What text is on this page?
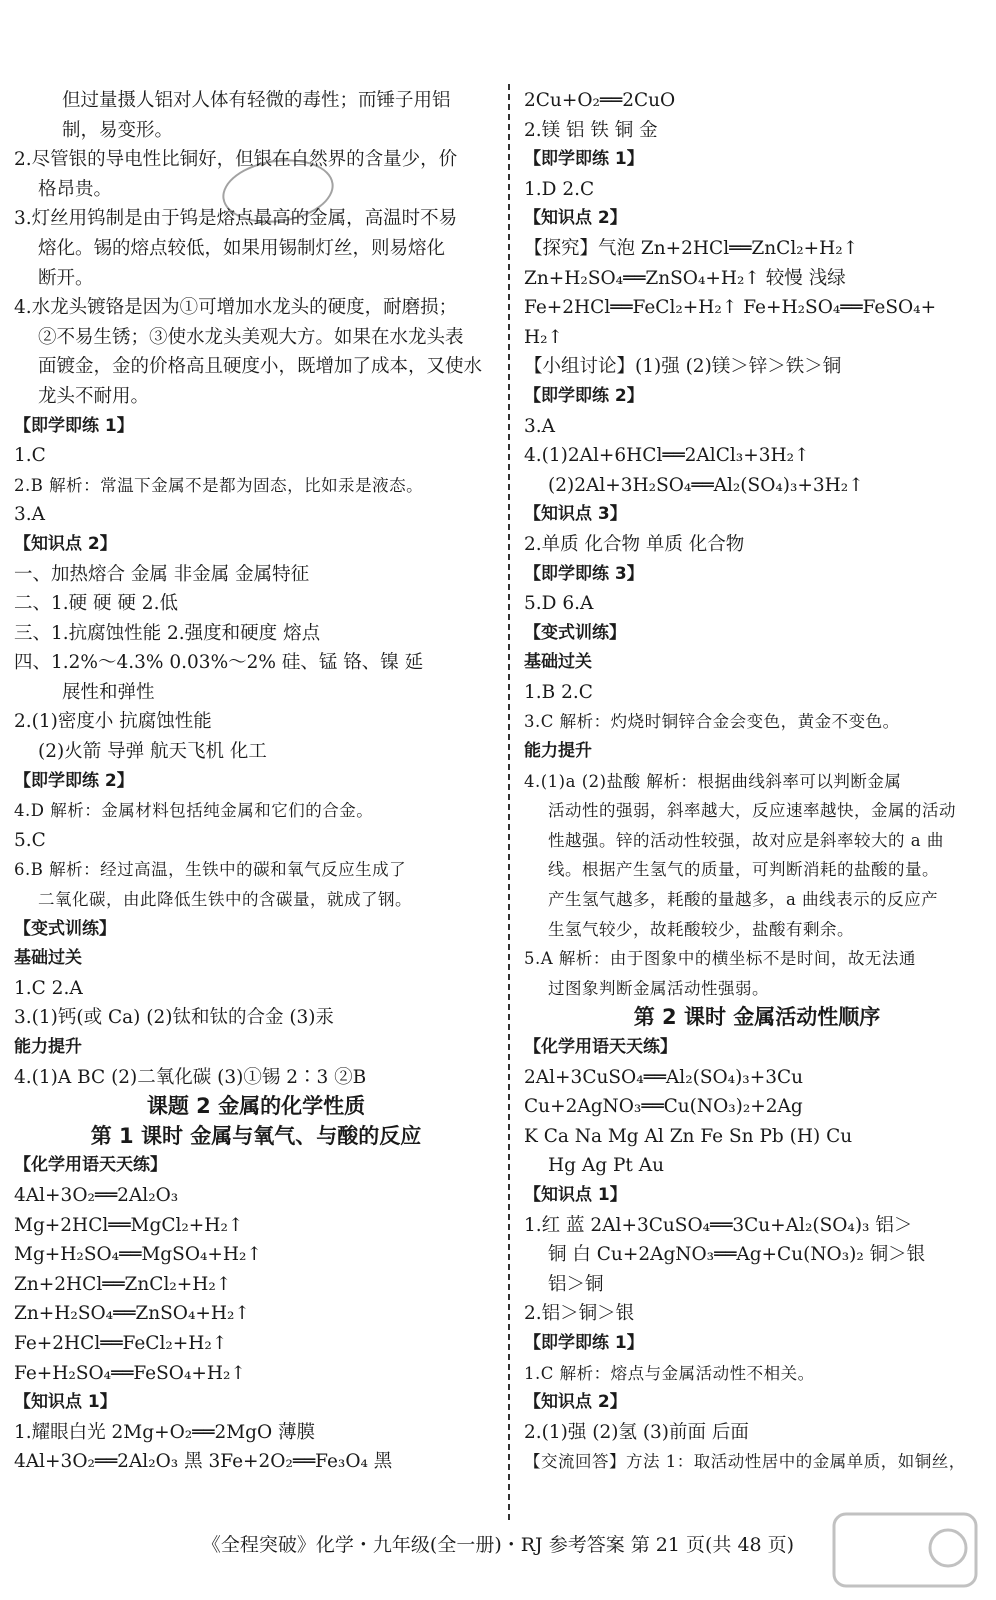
但过量摄人铝对人体有轻微的毒性；而锤子用铝
制，易变形。
2.尽管银的导电性比铜好，但银在自然界的含量少，价
格昂贵。
3.灯丝用钨制是由于钨是熔点最高的金属，高温时不易
熔化。锡的熔点较低，如果用锡制灯丝，则易熔化
断开。
4.水龙头镀铬是因为①可增加水龙头的硬度，耐磨损；
②不易生锈；③使水龙头美观大方。如果在水龙头表
面镀金，金的价格高且硬度小，既增加了成本，又使水
龙头不耐用。
【即学即练 1】
1.C
2.B 解析：常温下金属不是都为固态，比如汞是液态。
3.A
【知识点 2】
一、加热熔合 金属 非金属 金属特征
二、1.硬 硬 硬 2.低
三、1.抗腐蚀性能 2.强度和硬度 熔点
四、1.2%～4.3% 0.03%～2% 硅、锰 铬、镍 延
展性和弹性
2.(1)密度小 抗腐蚀性能
(2)火箭 导弹 航天飞机 化工
【即学即练 2】
4.D 解析：金属材料包括纯金属和它们的合金。
5.C
6.B 解析：经过高温，生铁中的碳和氧气反应生成了
二氧化碳，由此降低生铁中的含碳量，就成了钢。
【变式训练】
基础过关
1.C 2.A
3.(1)钙(或 Ca) (2)钛和钛的合金 (3)汞
能力提升
4.(1)A BC (2)二氧化碳 (3)①锡 2∶3 ②B
课题 2 金属的化学性质
第 1 课时 金属与氧气、与酸的反应
【化学用语天天练】
4Al+3O₂══2Al₂O₃
Mg+2HCl══MgCl₂+H₂↑
Mg+H₂SO₄══MgSO₄+H₂↑
Zn+2HCl══ZnCl₂+H₂↑
Zn+H₂SO₄══ZnSO₄+H₂↑
Fe+2HCl══FeCl₂+H₂↑
Fe+H₂SO₄══FeSO₄+H₂↑
【知识点 1】
1.耀眼白光 2Mg+O₂══2MgO 薄膜
4Al+3O₂══2Al₂O₃ 黑 3Fe+2O₂══Fe₃O₄ 黑
2Cu+O₂══2CuO
2.镁 铝 铁 铜 金
【即学即练 1】
1.D 2.C
【知识点 2】
【探究】气泡 Zn+2HCl══ZnCl₂+H₂↑
Zn+H₂SO₄══ZnSO₄+H₂↑ 较慢 浅绿
Fe+2HCl══FeCl₂+H₂↑ Fe+H₂SO₄══FeSO₄+
H₂↑
【小组讨论】(1)强 (2)镁＞锌＞铁＞铜
【即学即练 2】
3.A
4.(1)2Al+6HCl══2AlCl₃+3H₂↑
(2)2Al+3H₂SO₄══Al₂(SO₄)₃+3H₂↑
【知识点 3】
2.单质 化合物 单质 化合物
【即学即练 3】
5.D 6.A
【变式训练】
基础过关
1.B 2.C
3.C 解析：灼烧时铜锌合金会变色，黄金不变色。
能力提升
4.(1)a (2)盐酸 解析：根据曲线斜率可以判断金属
活动性的强弱，斜率越大，反应速率越快，金属的活动
性越强。锌的活动性较强，故对应是斜率较大的 a 曲
线。根据产生氢气的质量，可判断消耗的盐酸的量。
产生氢气越多，耗酸的量越多，a 曲线表示的反应产
生氢气较少，故耗酸较少，盐酸有剩余。
5.A 解析：由于图象中的横坐标不是时间，故无法通
过图象判断金属活动性强弱。
第 2 课时 金属活动性顺序
【化学用语天天练】
2Al+3CuSO₄══Al₂(SO₄)₃+3Cu
Cu+2AgNO₃══Cu(NO₃)₂+2Ag
K Ca Na Mg Al Zn Fe Sn Pb (H) Cu
Hg Ag Pt Au
【知识点 1】
1.红 蓝 2Al+3CuSO₄══3Cu+Al₂(SO₄)₃ 铝＞
铜 白 Cu+2AgNO₃══Ag+Cu(NO₃)₂ 铜＞银
铝＞铜
2.铝＞铜＞银
【即学即练 1】
1.C 解析：熔点与金属活动性不相关。
【知识点 2】
2.(1)强 (2)氢 (3)前面 后面
【交流回答】方法 1：取活动性居中的金属单质，如铜丝，
《全程突破》化学・九年级(全一册)・RJ 参考答案 第 21 页(共 48 页)
